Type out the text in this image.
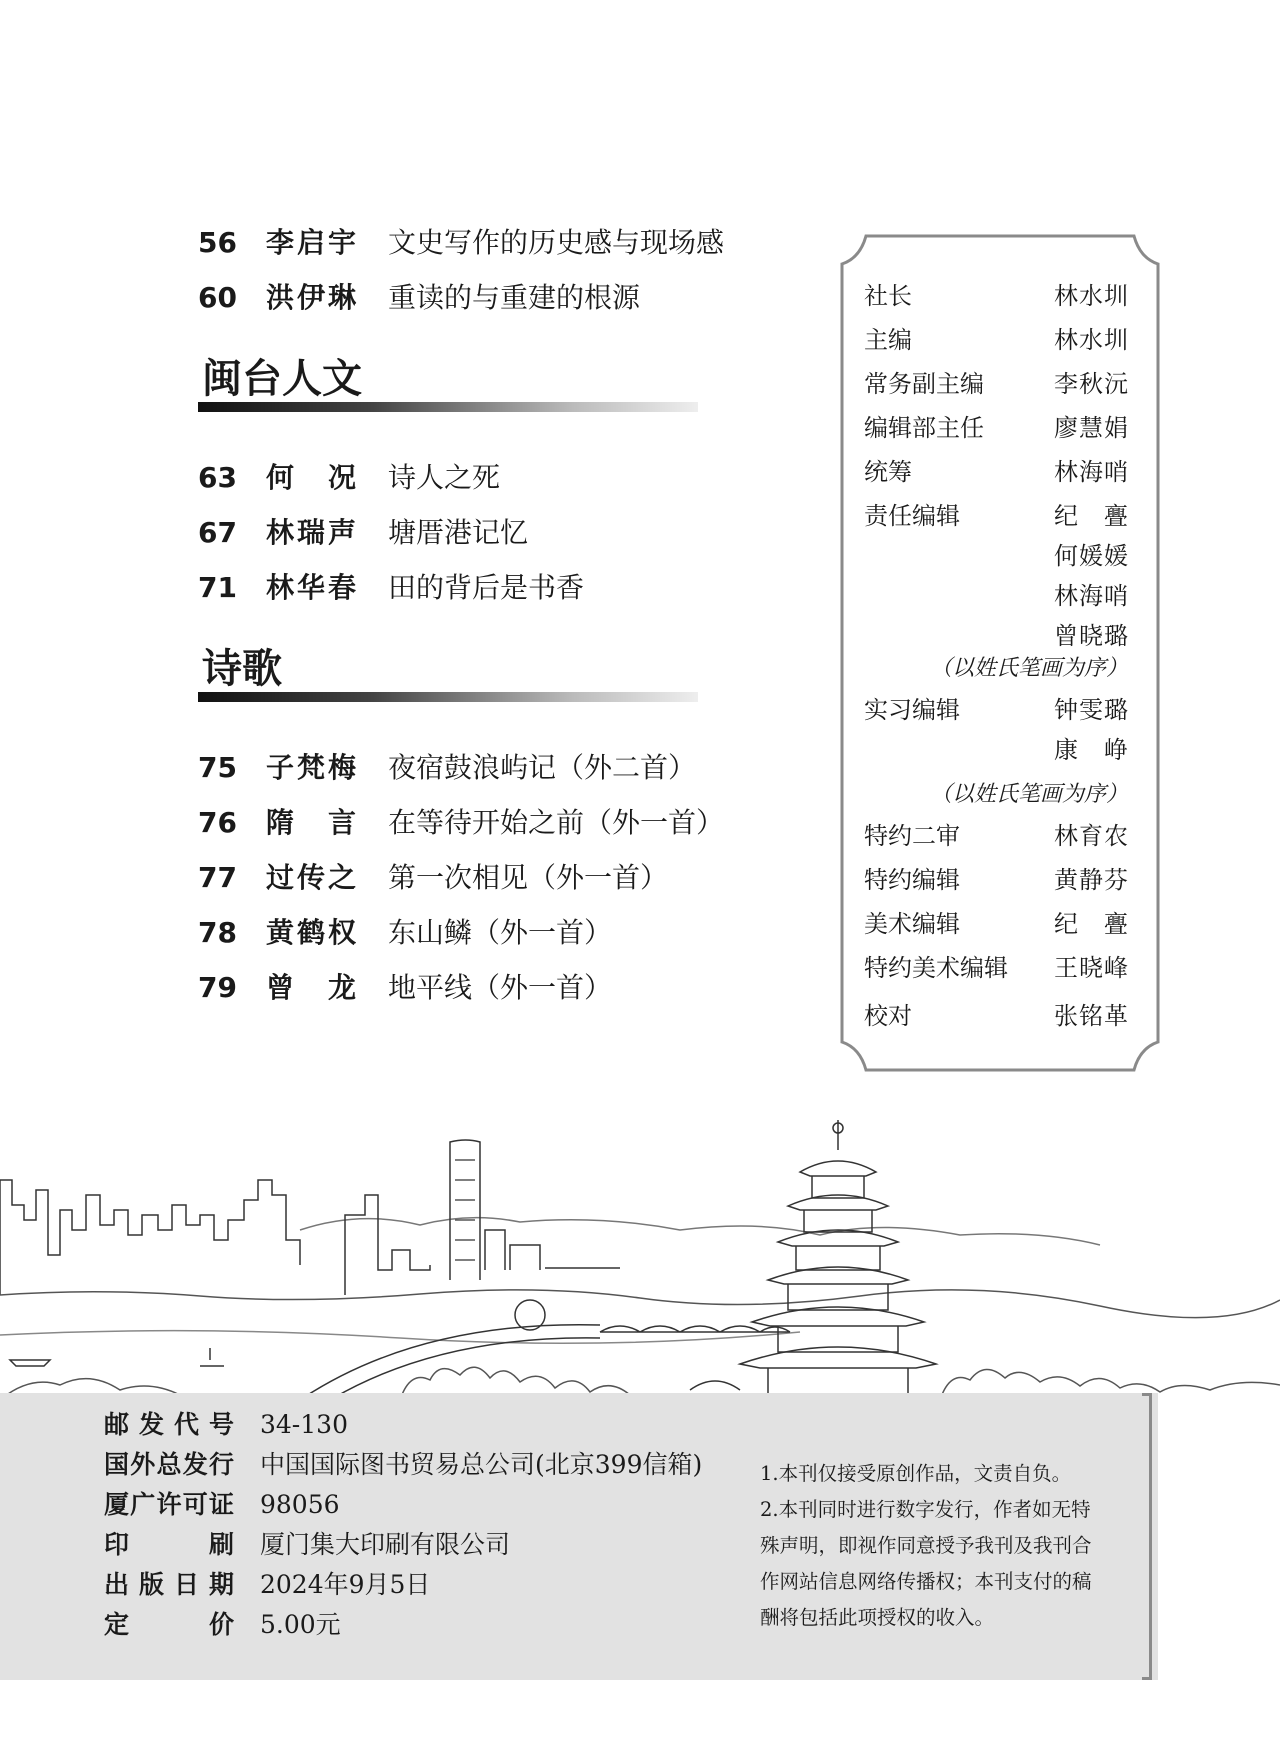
56 李启宇 文史写作的历史感与现场感
60 洪伊琳 重读的与重建的根源
闽台人文
63 何况 诗人之死
67 林瑞声 塘厝港记忆
71 林华春 田的背后是书香
诗歌
75 子梵梅 夜宿鼓浪屿记（外二首）
76 隋言 在等待开始之前（外一首）
77 过传之 第一次相见（外一首）
78 黄鹤权 东山鳞（外一首）
79 曾龙 地平线（外一首）
社长	林水圳
主编	林水圳
常务副主编	李秋沅
编辑部主任	廖慧娟
统筹	林海哨
责任编辑	纪亹
何媛媛
林海哨
曾晓璐
（以姓氏笔画为序）
实习编辑	钟雯璐
康峥
（以姓氏笔画为序）
特约二审	林育农
特约编辑	黄静芬
美术编辑	纪亹
特约美术编辑 王晓峰
校对	张铭革
邮发代号 34-130
国外总发行 中国国际图书贸易总公司(北京399信箱)
厦广许可证 98056
印刷 厦门集大印刷有限公司
出版日期 2024年9月5日
定价 5.00元

1.本刊仅接受原创作品，文责自负。

2.本刊同时进行数字发行，作者如无特殊声明，即视作同意授予我刊及我刊合作网站信息网络传播权；本刊支付的稿酬将包括此项授权的收入。
